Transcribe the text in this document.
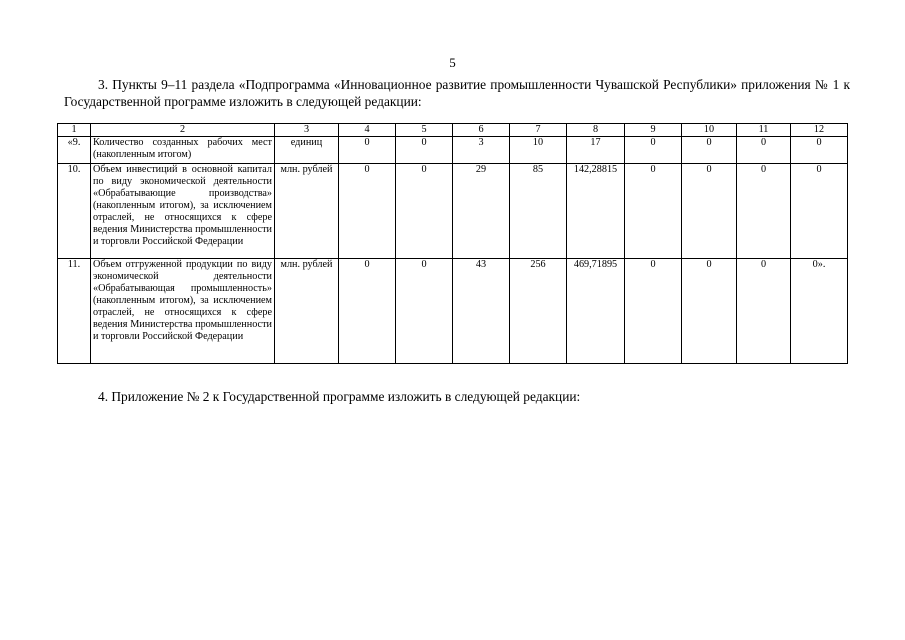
5
3. Пункты 9–11 раздела «Подпрограмма «Инновационное развитие промышленности Чувашской Республики» приложения № 1 к Государственной программе изложить в следующей редакции:
1	2	3	4	5	6	7	8	9	10	11	12
«9.	Количество созданных рабочих мест (накопленным итогом)	единиц	0	0	3	10	17	0	0	0	0
10.	Объем инвестиций в основной капитал по виду экономической деятельности «Обрабатывающие производства» (накопленным итогом), за исключением отраслей, не относящихся к сфере ведения Министерства промышленности и торговли Российской Федерации	млн. рублей	0	0	29	85	142,28815	0	0	0	0
11.	Объем отгруженной продукции по виду экономической деятельности «Обрабатывающая промышленность» (накопленным итогом), за исключением отраслей, не относящихся к сфере ведения Министерства промышленности и торговли Российской Федерации	млн. рублей	0	0	43	256	469,71895	0	0	0	0».
4. Приложение № 2 к Государственной программе изложить в следующей редакции:
